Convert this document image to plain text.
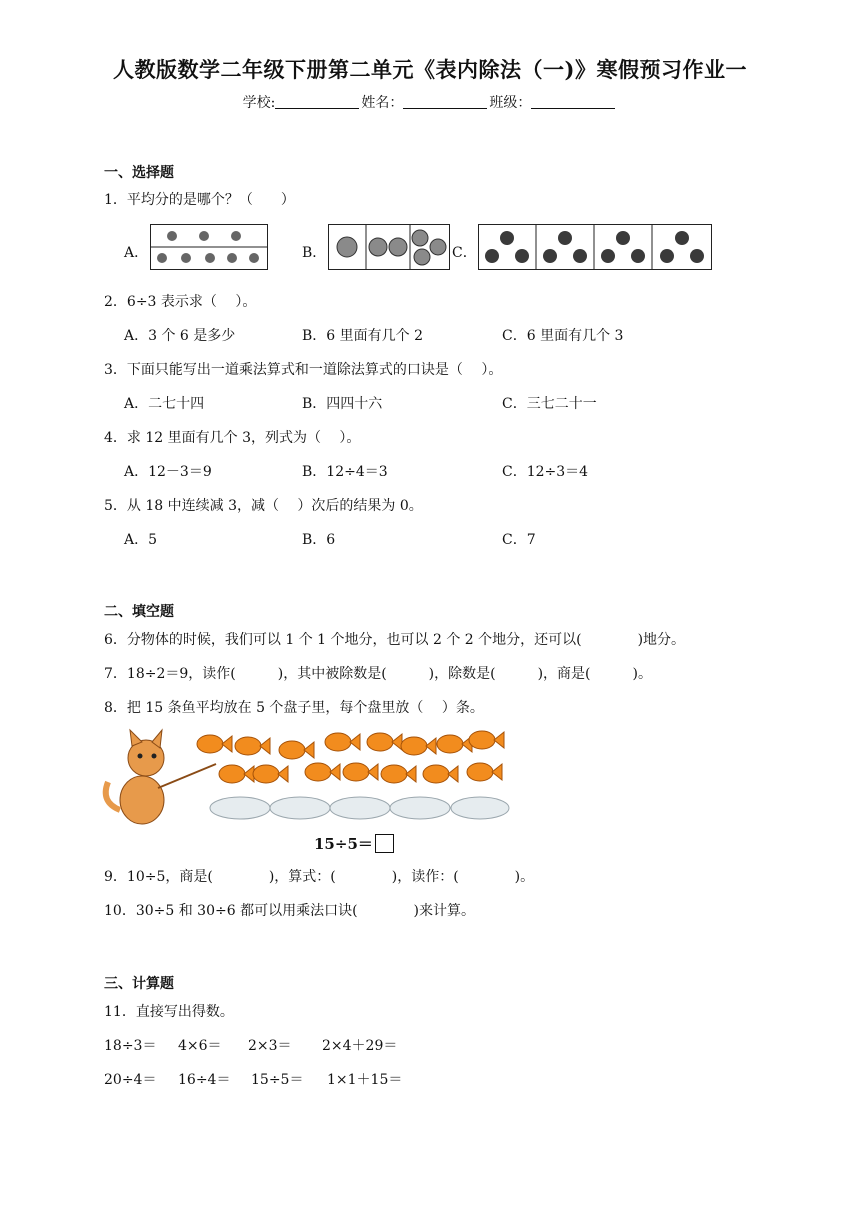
人教版数学二年级下册第二单元《表内除法（一)》寒假预习作业一
学校:	姓名：	班级：
一、选择题
1．平均分的是哪个？（　　）
A．	B．	C．
2．6÷3 表示求（　 ）。
A．3 个 6 是多少	B．6 里面有几个 2	C．6 里面有几个 3
3．下面只能写出一道乘法算式和一道除法算式的口诀是（　 ）。
A．二七十四	B．四四十六	C．三七二十一
4．求 12 里面有几个 3，列式为（　 ）。
A．12－3＝9	B．12÷4＝3	C．12÷3＝4
5．从 18 中连续减 3，减（　 ）次后的结果为 0。
A．5	B．6	C．7
二、填空题
6．分物体的时候，我们可以 1 个 1 个地分，也可以 2 个 2 个地分，还可以(　　　　)地分。
7．18÷2＝9，读作(　　　)，其中被除数是(　　　)，除数是(　　　)，商是(　　　)。
8．把 15 条鱼平均放在 5 个盘子里，每个盘里放（　 ）条。
15÷5＝
9．10÷5，商是(　　　　)，算式：(　　　　)，读作：(　　　　)。
10．30÷5 和 30÷6 都可以用乘法口诀(　　　　)来计算。
三、计算题
11．直接写出得数。
18÷3＝ 4×6＝ 2×3＝ 2×4＋29＝
20÷4＝ 16÷4＝ 15÷5＝ 1×1＋15＝
